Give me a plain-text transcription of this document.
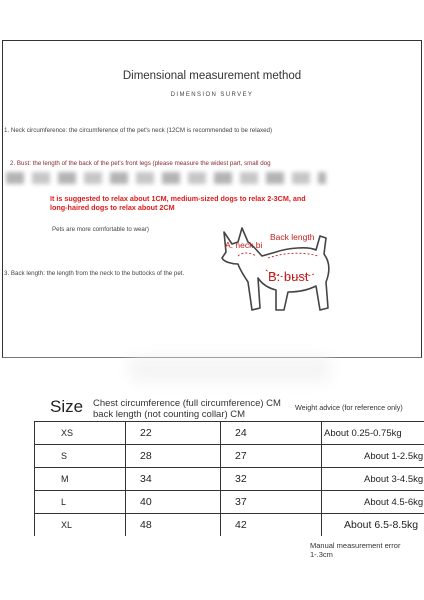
Dimensional measurement method
DIMENSION SURVEY
1. Neck circumference: the circumference of the pet's neck (12CM is recommended to be relaxed)
2. Bust: the length of the back of the pet's front legs (please measure the widest part, small dog
It is suggested to relax about 1CM, medium-sized dogs to relax 2-3CM, and long-haired dogs to relax about 2CM
Pets are more comfortable to wear)
3. Back length: the length from the neck to the buttocks of the pet.
Back length
A: neck bi
B: bust
Size Chest circumference (full circumference) CM
back length (not counting collar) CM
Weight advice (for reference only)
XS	22	24	About 0.25-0.75kg

S	28	27	About 1-2.5kg

M	34	32	About 3-4.5kg

L	40	37	About 4.5-6kg

XL	48	42	About 6.5-8.5kg
Manual measurement error 1-.3cm
